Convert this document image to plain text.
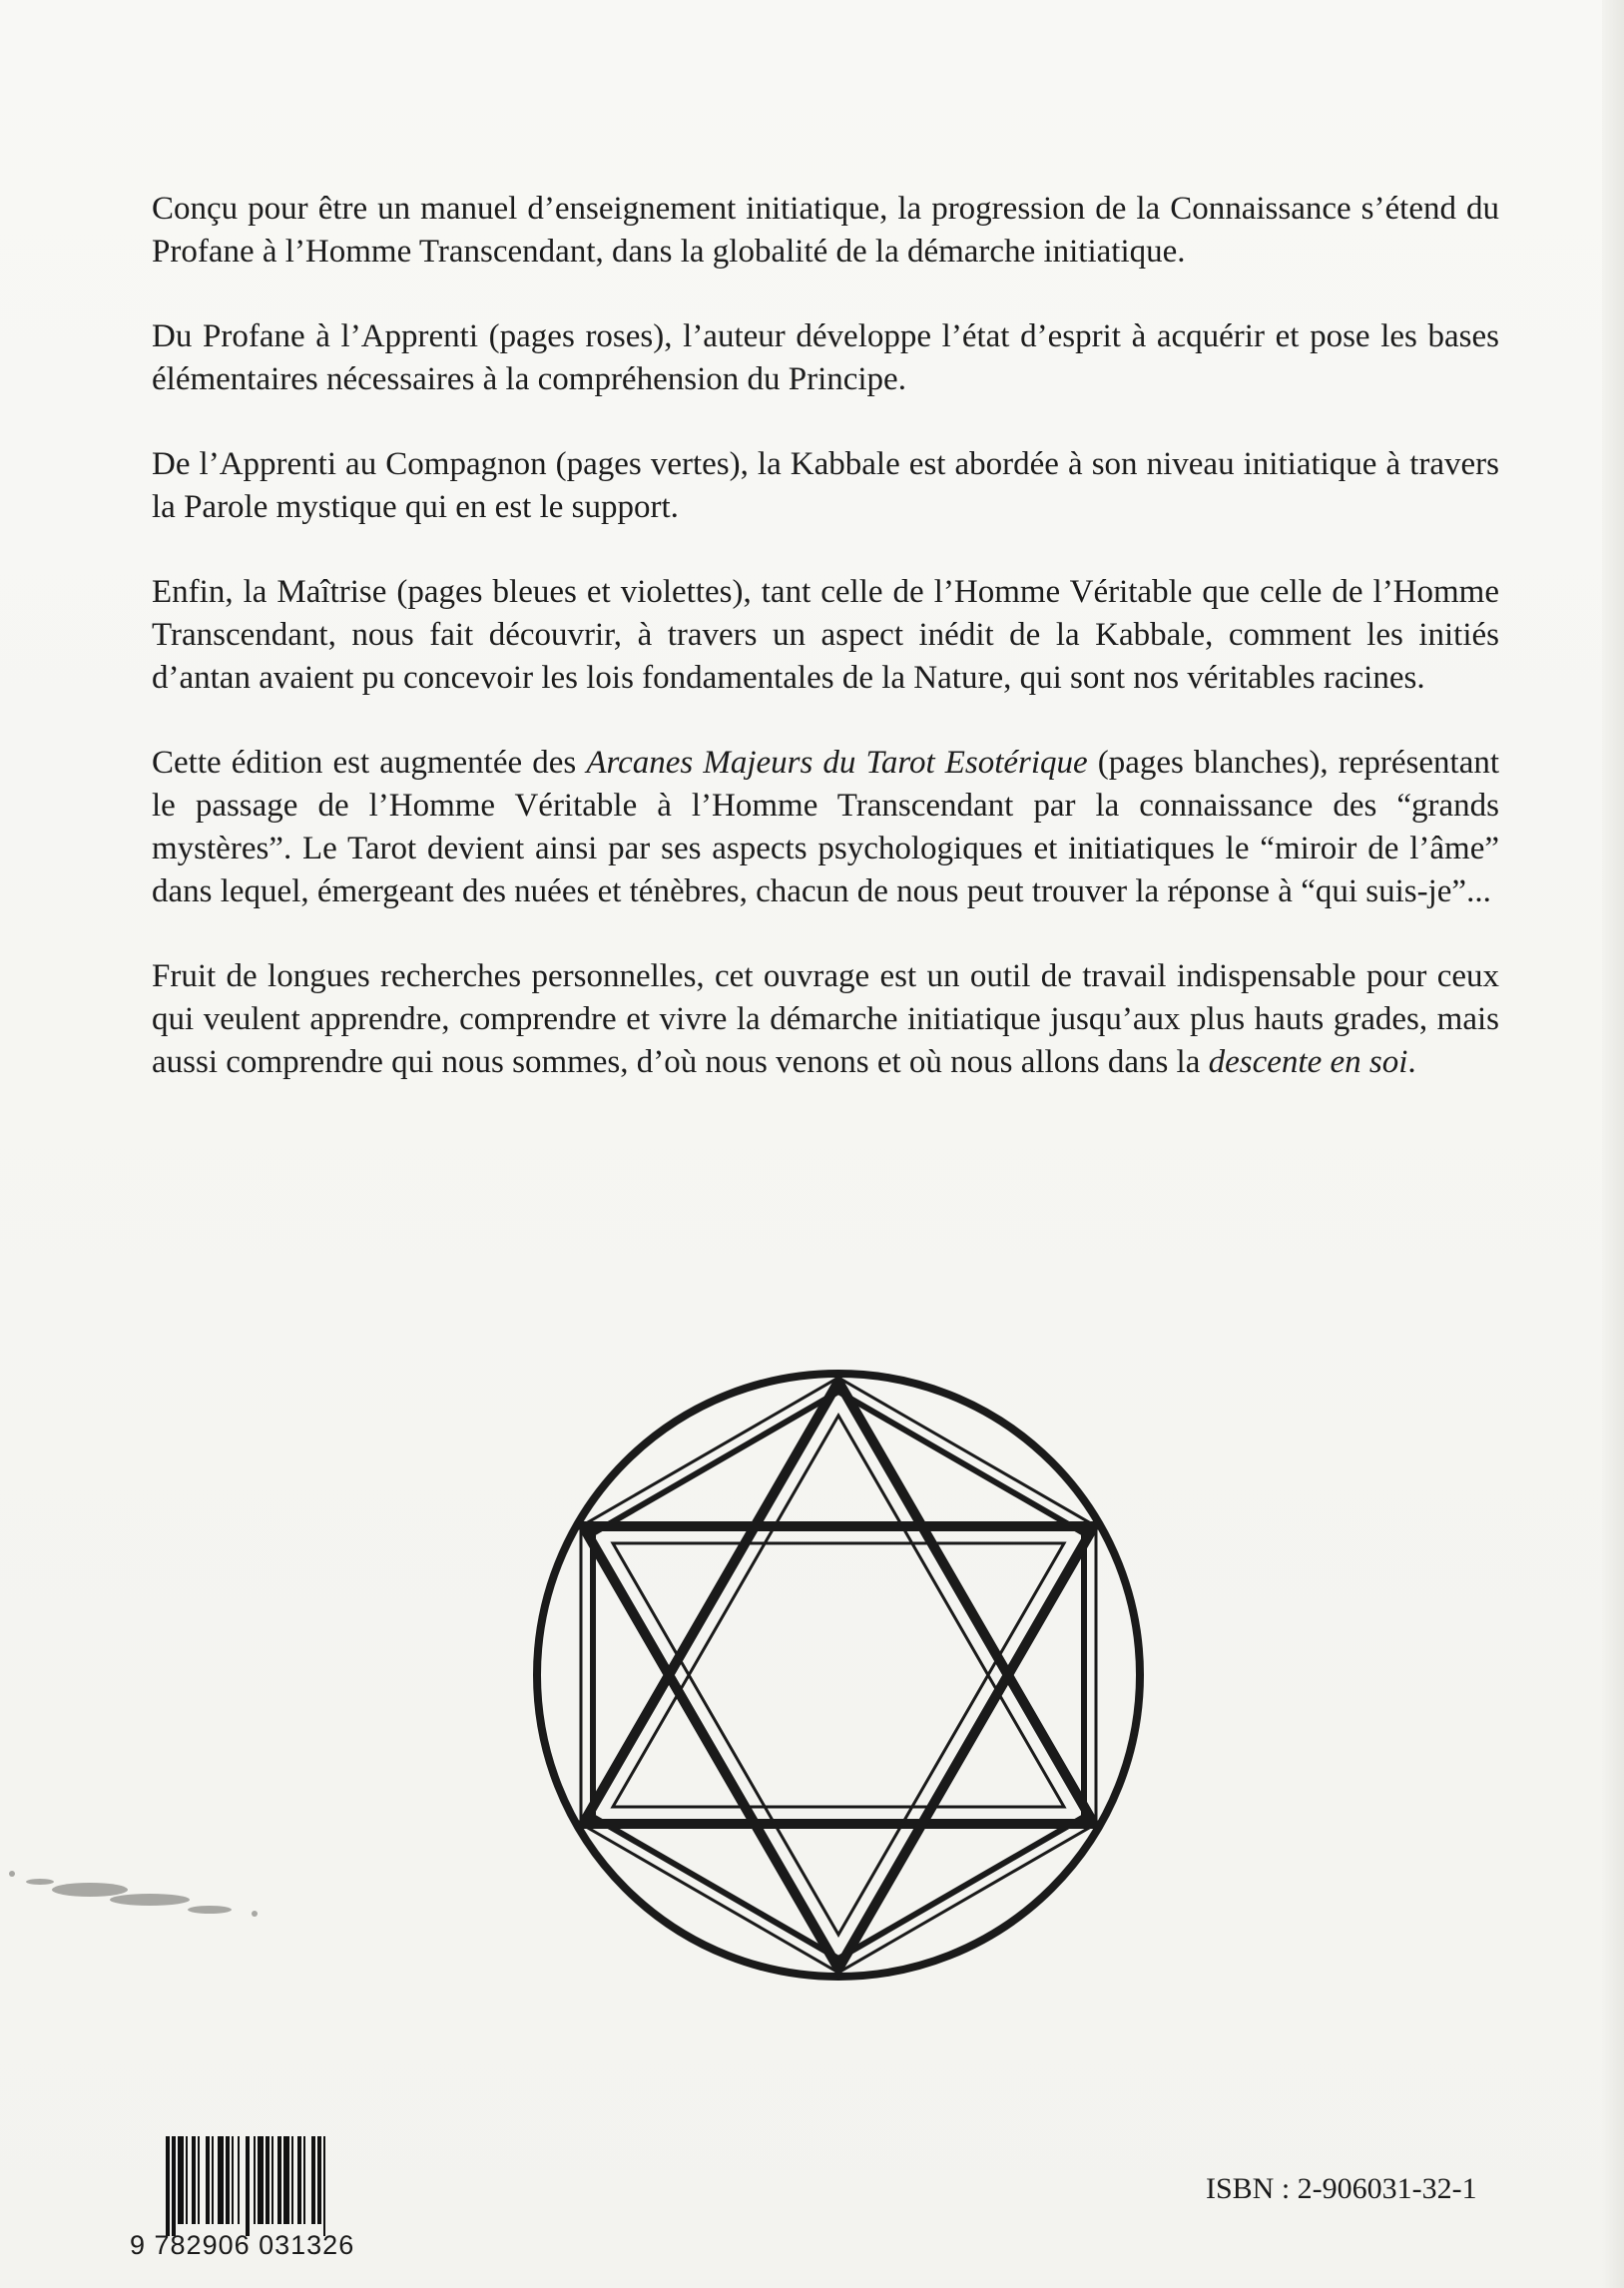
Conçu pour être un manuel d’enseignement initiatique, la progression de la Connaissance s’étend du Profane à l’Homme Transcendant, dans la globalité de la démarche initiatique.

Du Profane à l’Apprenti (pages roses), l’auteur développe l’état d’esprit à acquérir et pose les bases élémentaires nécessaires à la compréhension du Principe.

De l’Apprenti au Compagnon (pages vertes), la Kabbale est abordée à son niveau initiatique à travers la Parole mystique qui en est le support.

Enfin, la Maîtrise (pages bleues et violettes), tant celle de l’Homme Véritable que celle de l’Homme Transcendant, nous fait découvrir, à travers un aspect inédit de la Kabbale, comment les initiés d’antan avaient pu concevoir les lois fondamentales de la Nature, qui sont nos véritables racines.

Cette édition est augmentée des Arcanes Majeurs du Tarot Esotérique (pages blanches), représentant le passage de l’Homme Véritable à l’Homme Transcendant par la connaissance des “grands mystères”. Le Tarot devient ainsi par ses aspects psychologiques et initiatiques le “miroir de l’âme” dans lequel, émergeant des nuées et ténèbres, chacun de nous peut trouver la réponse à “qui suis-je”...

Fruit de longues recherches personnelles, cet ouvrage est un outil de travail indispensable pour ceux qui veulent apprendre, comprendre et vivre la démarche initiatique jusqu’aux plus hauts grades, mais aussi comprendre qui nous sommes, d’où nous venons et où nous allons dans la descente en soi.

9 782906 031326
ISBN : 2-906031-32-1
